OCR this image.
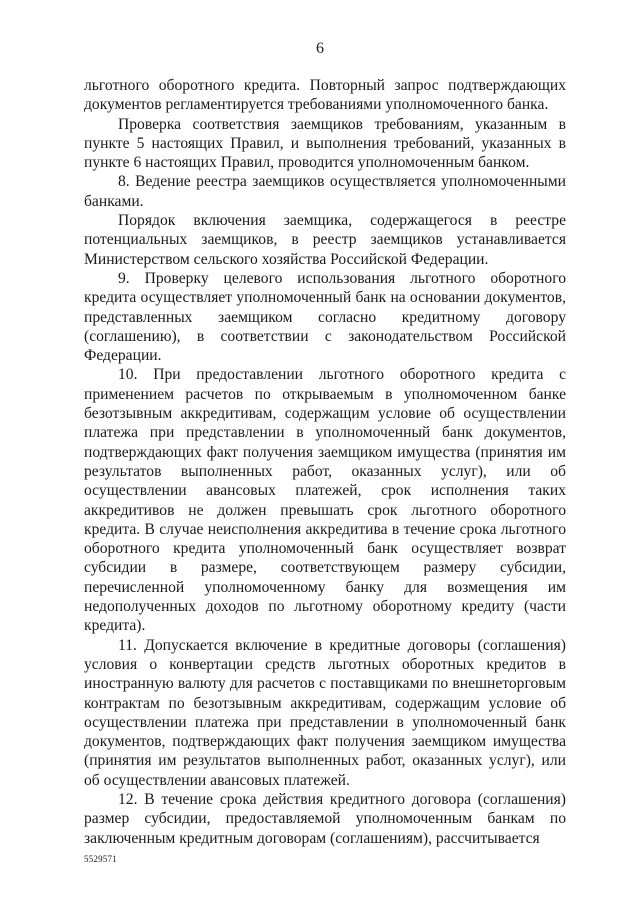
6

льготного оборотного кредита. Повторный запрос подтверждающих документов регламентируется требованиями уполномоченного банка.

Проверка соответствия заемщиков требованиям, указанным в пункте 5 настоящих Правил, и выполнения требований, указанных в пункте 6 настоящих Правил, проводится уполномоченным банком.

8. Ведение реестра заемщиков осуществляется уполномоченными банками.

Порядок включения заемщика, содержащегося в реестре потенциальных заемщиков, в реестр заемщиков устанавливается Министерством сельского хозяйства Российской Федерации.

9. Проверку целевого использования льготного оборотного кредита осуществляет уполномоченный банк на основании документов, представленных заемщиком согласно кредитному договору (соглашению), в соответствии с законодательством Российской Федерации.

10. При предоставлении льготного оборотного кредита с применением расчетов по открываемым в уполномоченном банке безотзывным аккредитивам, содержащим условие об осуществлении платежа при представлении в уполномоченный банк документов, подтверждающих факт получения заемщиком имущества (принятия им результатов выполненных работ, оказанных услуг), или об осуществлении авансовых платежей, срок исполнения таких аккредитивов не должен превышать срок льготного оборотного кредита. В случае неисполнения аккредитива в течение срока льготного оборотного кредита уполномоченный банк осуществляет возврат субсидии в размере, соответствующем размеру субсидии, перечисленной уполномоченному банку для возмещения им недополученных доходов по льготному оборотному кредиту (части кредита).

11. Допускается включение в кредитные договоры (соглашения) условия о конвертации средств льготных оборотных кредитов в иностранную валюту для расчетов с поставщиками по внешнеторговым контрактам по безотзывным аккредитивам, содержащим условие об осуществлении платежа при представлении в уполномоченный банк документов, подтверждающих факт получения заемщиком имущества (принятия им результатов выполненных работ, оказанных услуг), или об осуществлении авансовых платежей.

12. В течение срока действия кредитного договора (соглашения) размер субсидии, предоставляемой уполномоченным банкам по заключенным кредитным договорам (соглашениям), рассчитывается

5529571
